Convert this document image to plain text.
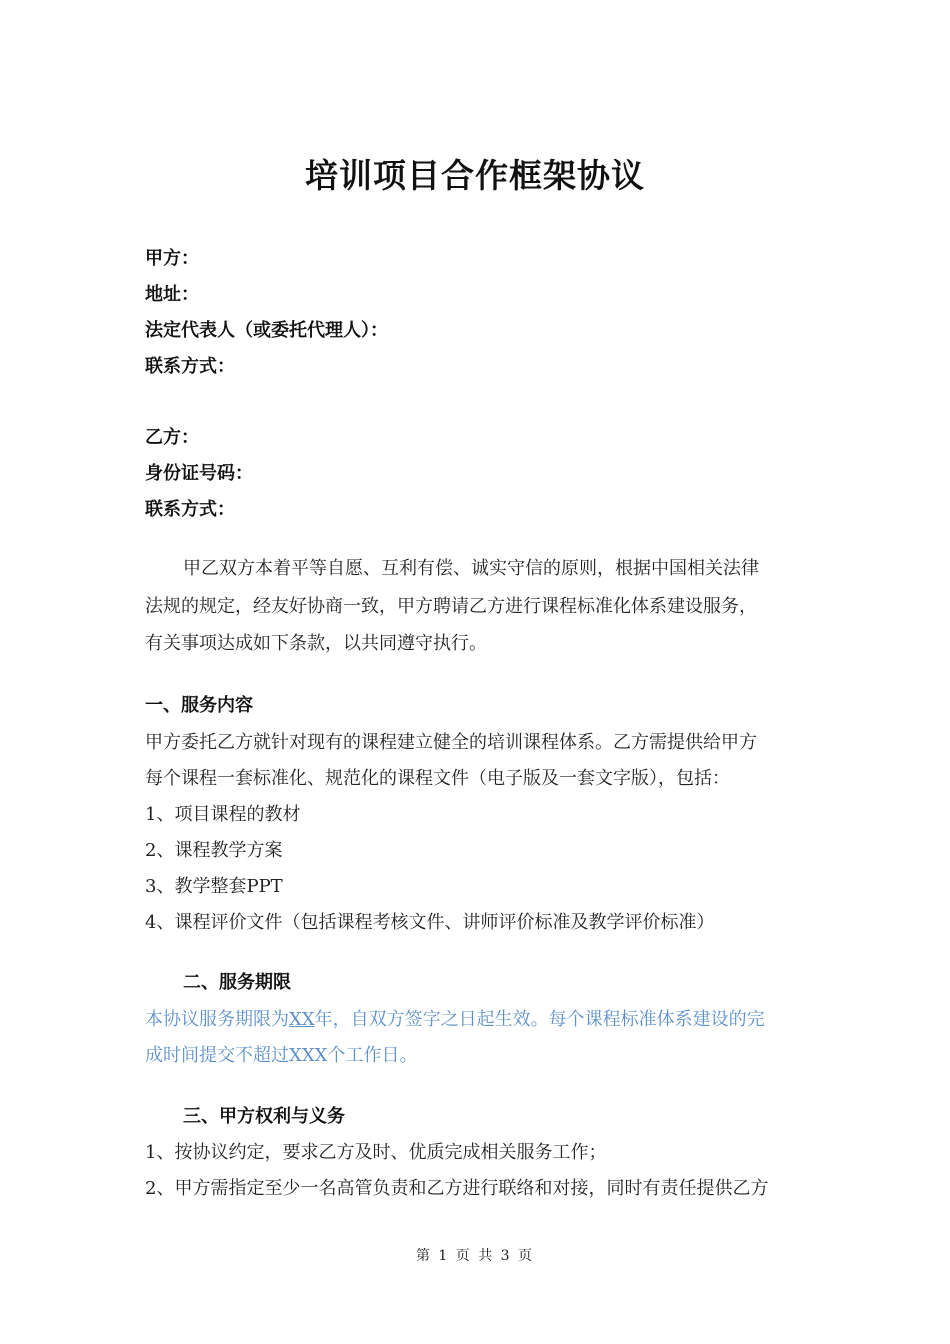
培训项目合作框架协议
甲方：
地址：
法定代表人（或委托代理人）：
联系方式：
乙方：
身份证号码：
联系方式：
甲乙双方本着平等自愿、互利有偿、诚实守信的原则，根据中国相关法律
法规的规定，经友好协商一致，甲方聘请乙方进行课程标准化体系建设服务，
有关事项达成如下条款，以共同遵守执行。
一、服务内容
甲方委托乙方就针对现有的课程建立健全的培训课程体系。乙方需提供给甲方
每个课程一套标准化、规范化的课程文件（电子版及一套文字版），包括：
1、项目课程的教材
2、课程教学方案
3、教学整套PPT
4、课程评价文件（包括课程考核文件、讲师评价标准及教学评价标准）
二、服务期限
本协议服务期限为XX年，自双方签字之日起生效。每个课程标准体系建设的完
成时间提交不超过XXX个工作日。
三、甲方权利与义务
1、按协议约定，要求乙方及时、优质完成相关服务工作；
2、甲方需指定至少一名高管负责和乙方进行联络和对接，同时有责任提供乙方
第 1 页 共 3 页
